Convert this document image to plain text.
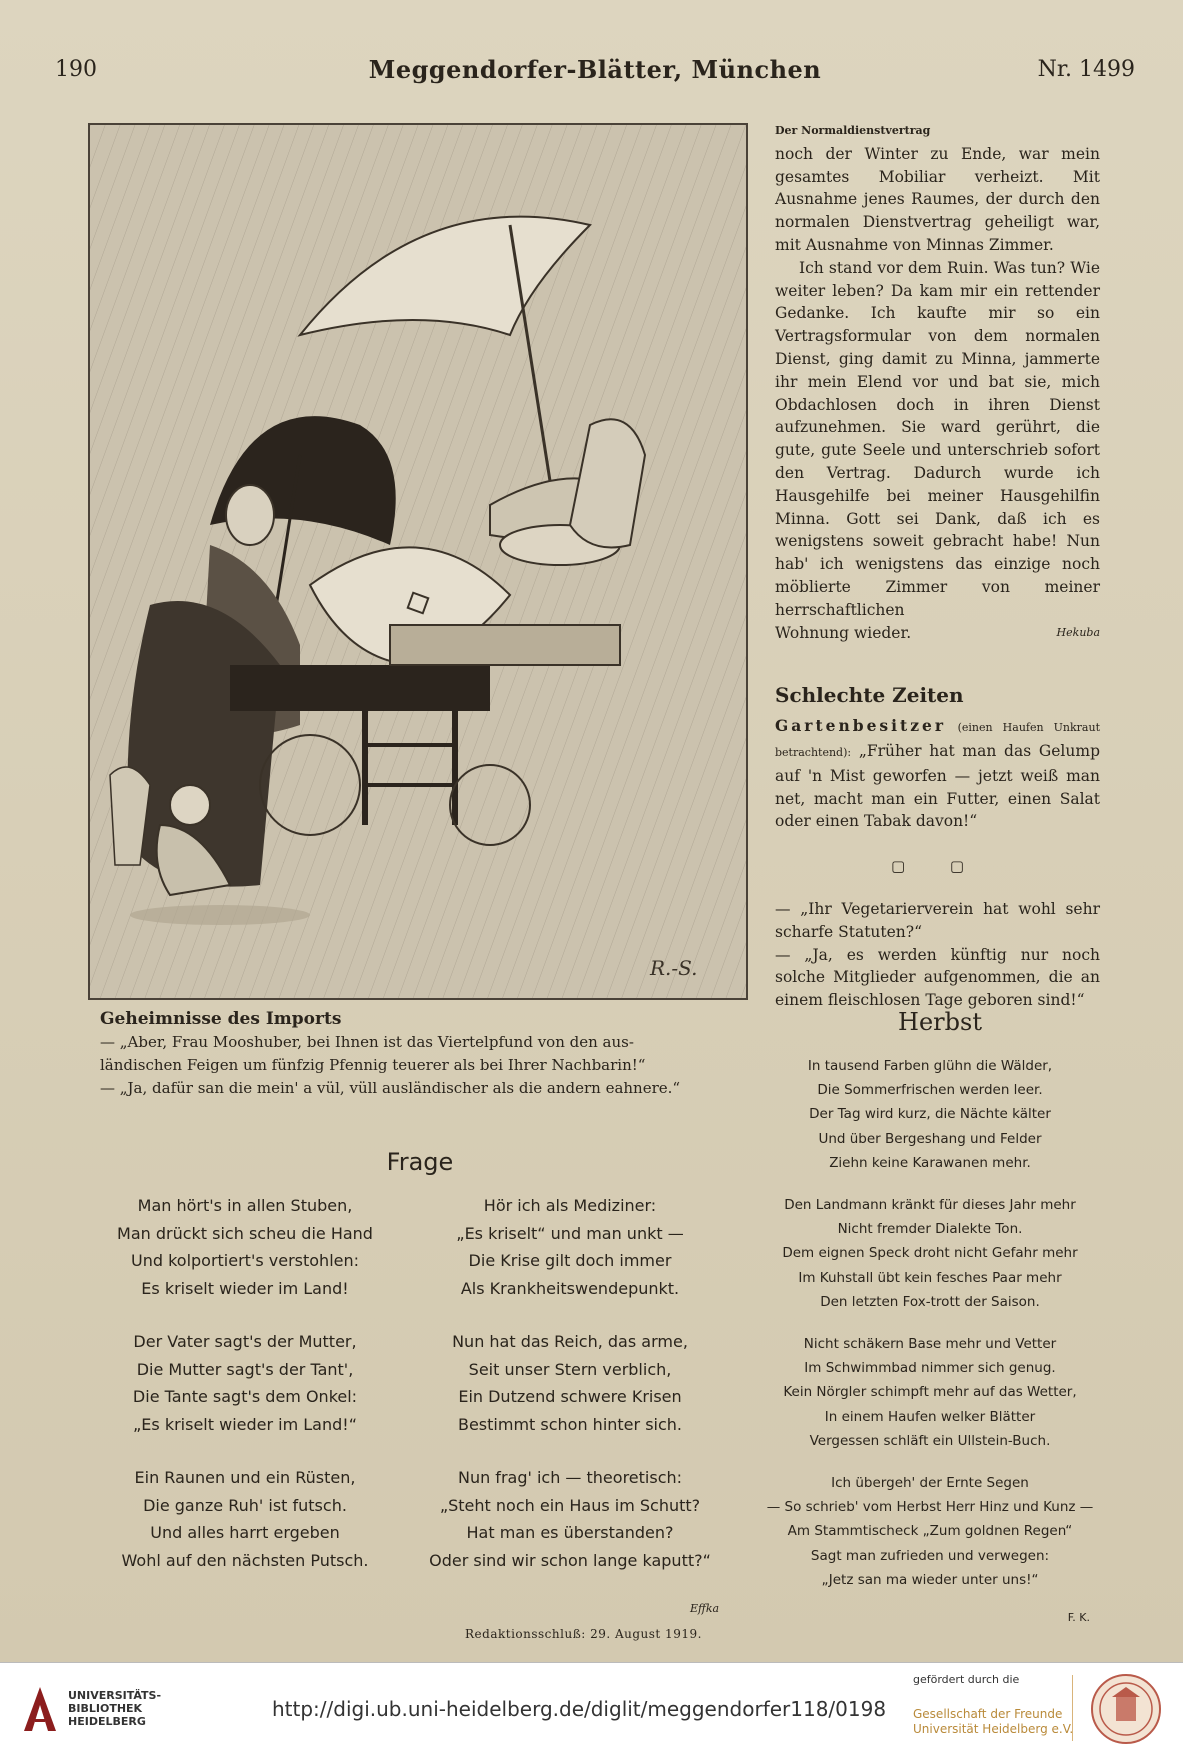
190	Meggendorfer-Blätter, München	Nr. 1499
R.-S.
Geheimnisse des Imports
— „Aber, Frau Mooshuber, bei Ihnen ist das Viertelpfund von den aus-
ländischen Feigen um fünfzig Pfennig teuerer als bei Ihrer Nachbarin!“
— „Ja, dafür san die mein' a vül, vüll ausländischer als die andern eahnere.“
Der Normaldienstvertrag

noch der Winter zu Ende, war mein gesamtes Mobiliar verheizt. Mit Ausnahme jenes Raumes, der durch den normalen Dienstvertrag geheiligt war, mit Ausnahme von Minnas Zimmer.

Ich stand vor dem Ruin. Was tun? Wie weiter leben? Da kam mir ein rettender Gedanke. Ich kaufte mir so ein Vertragsformular von dem normalen Dienst, ging damit zu Minna, jammerte ihr mein Elend vor und bat sie, mich Obdachlosen doch in ihren Dienst aufzunehmen. Sie ward gerührt, die gute, gute Seele und unterschrieb sofort den Vertrag. Dadurch wurde ich Hausgehilfe bei meiner Hausgehilfin Minna. Gott sei Dank, daß ich es wenigstens soweit gebracht habe! Nun hab' ich wenigstens das einzige noch möblierte Zimmer von meiner herrschaftlichen

Wohnung wieder.	Hekuba
Schlechte Zeiten

Gartenbesitzer (einen Haufen Unkraut betrachtend): „Früher hat man das Gelump auf 'n Mist geworfen — jetzt weiß man net, macht man ein Futter, einen Salat oder einen Tabak davon!“

▢ ▢

— „Ihr Vegetarierverein hat wohl sehr scharfe Statuten?“

— „Ja, es werden künftig nur noch solche Mitglieder aufgenommen, die an einem fleischlosen Tage geboren sind!“

Herbst
In tausend Farben glühn die Wälder,
Die Sommerfrischen werden leer.
Der Tag wird kurz, die Nächte kälter
Und über Bergeshang und Felder
Ziehn keine Karawanen mehr.
Den Landmann kränkt für dieses Jahr mehr
Nicht fremder Dialekte Ton.
Dem eignen Speck droht nicht Gefahr mehr
Im Kuhstall übt kein fesches Paar mehr
Den letzten Fox-trott der Saison.
Nicht schäkern Base mehr und Vetter
Im Schwimmbad nimmer sich genug.
Kein Nörgler schimpft mehr auf das Wetter,
In einem Haufen welker Blätter
Vergessen schläft ein Ullstein-Buch.
Ich übergeh' der Ernte Segen
— So schrieb' vom Herbst Herr Hinz und Kunz —
Am Stammtischeck „Zum goldnen Regen“
Sagt man zufrieden und verwegen:
„Jetz san ma wieder unter uns!“
F. K.
Frage
Man hört's in allen Stuben,
Man drückt sich scheu die Hand
Und kolportiert's verstohlen:
Es kriselt wieder im Land!
Der Vater sagt's der Mutter,
Die Mutter sagt's der Tant',
Die Tante sagt's dem Onkel:
„Es kriselt wieder im Land!“
Ein Raunen und ein Rüsten,
Die ganze Ruh' ist futsch.
Und alles harrt ergeben
Wohl auf den nächsten Putsch.
Hör ich als Mediziner:
„Es kriselt“ und man unkt —
Die Krise gilt doch immer
Als Krankheitswendepunkt.
Nun hat das Reich, das arme,
Seit unser Stern verblich,
Ein Dutzend schwere Krisen
Bestimmt schon hinter sich.
Nun frag' ich — theoretisch:
„Steht noch ein Haus im Schutt?
Hat man es überstanden?
Oder sind wir schon lange kaputt?“
Effka
Redaktionsschluß: 29. August 1919.
UNIVERSITÄTS-
BIBLIOTHEK
HEIDELBERG
http://digi.ub.uni-heidelberg.de/diglit/meggendorfer118/0198
gefördert durch die
Gesellschaft der Freunde
Universität Heidelberg e.V.
